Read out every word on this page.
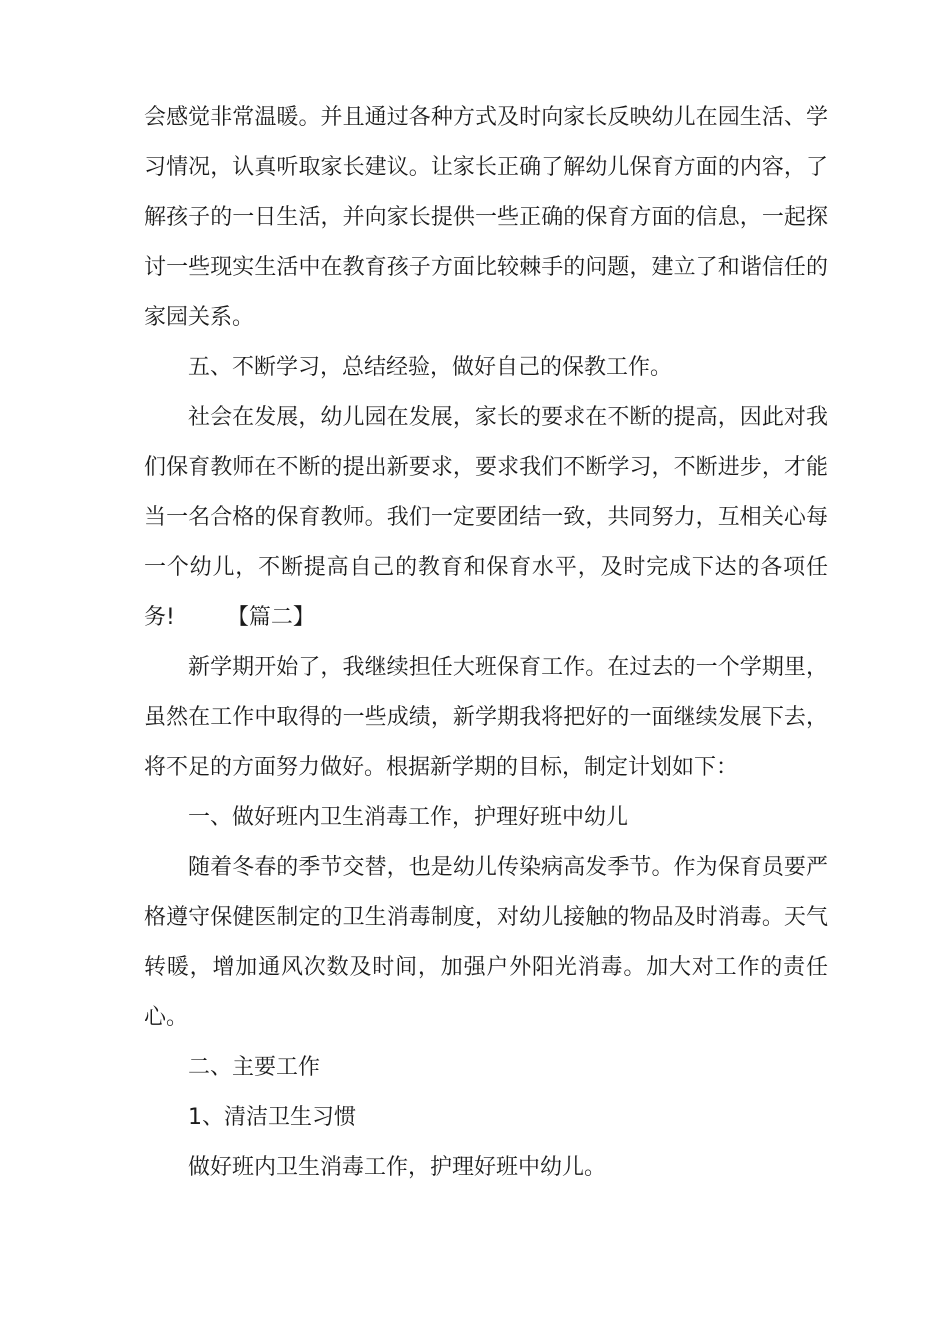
会感觉非常温暖。并且通过各种方式及时向家长反映幼儿在园生活、学习情况，认真听取家长建议。让家长正确了解幼儿保育方面的内容，了解孩子的一日生活，并向家长提供一些正确的保育方面的信息，一起探讨一些现实生活中在教育孩子方面比较棘手的问题，建立了和谐信任的家园关系。

五、不断学习，总结经验，做好自己的保教工作。

社会在发展，幼儿园在发展，家长的要求在不断的提高，因此对我们保育教师在不断的提出新要求，要求我们不断学习，不断进步，才能当一名合格的保育教师。我们一定要团结一致，共同努力，互相关心每一个幼儿，不断提高自己的教育和保育水平，及时完成下达的各项任务! 【篇二】

新学期开始了，我继续担任大班保育工作。在过去的一个学期里，虽然在工作中取得的一些成绩，新学期我将把好的一面继续发展下去，将不足的方面努力做好。根据新学期的目标，制定计划如下：

一、做好班内卫生消毒工作，护理好班中幼儿

随着冬春的季节交替，也是幼儿传染病高发季节。作为保育员要严格遵守保健医制定的卫生消毒制度，对幼儿接触的物品及时消毒。天气转暖，增加通风次数及时间，加强户外阳光消毒。加大对工作的责任心。

二、主要工作

1、清洁卫生习惯

做好班内卫生消毒工作，护理好班中幼儿。
